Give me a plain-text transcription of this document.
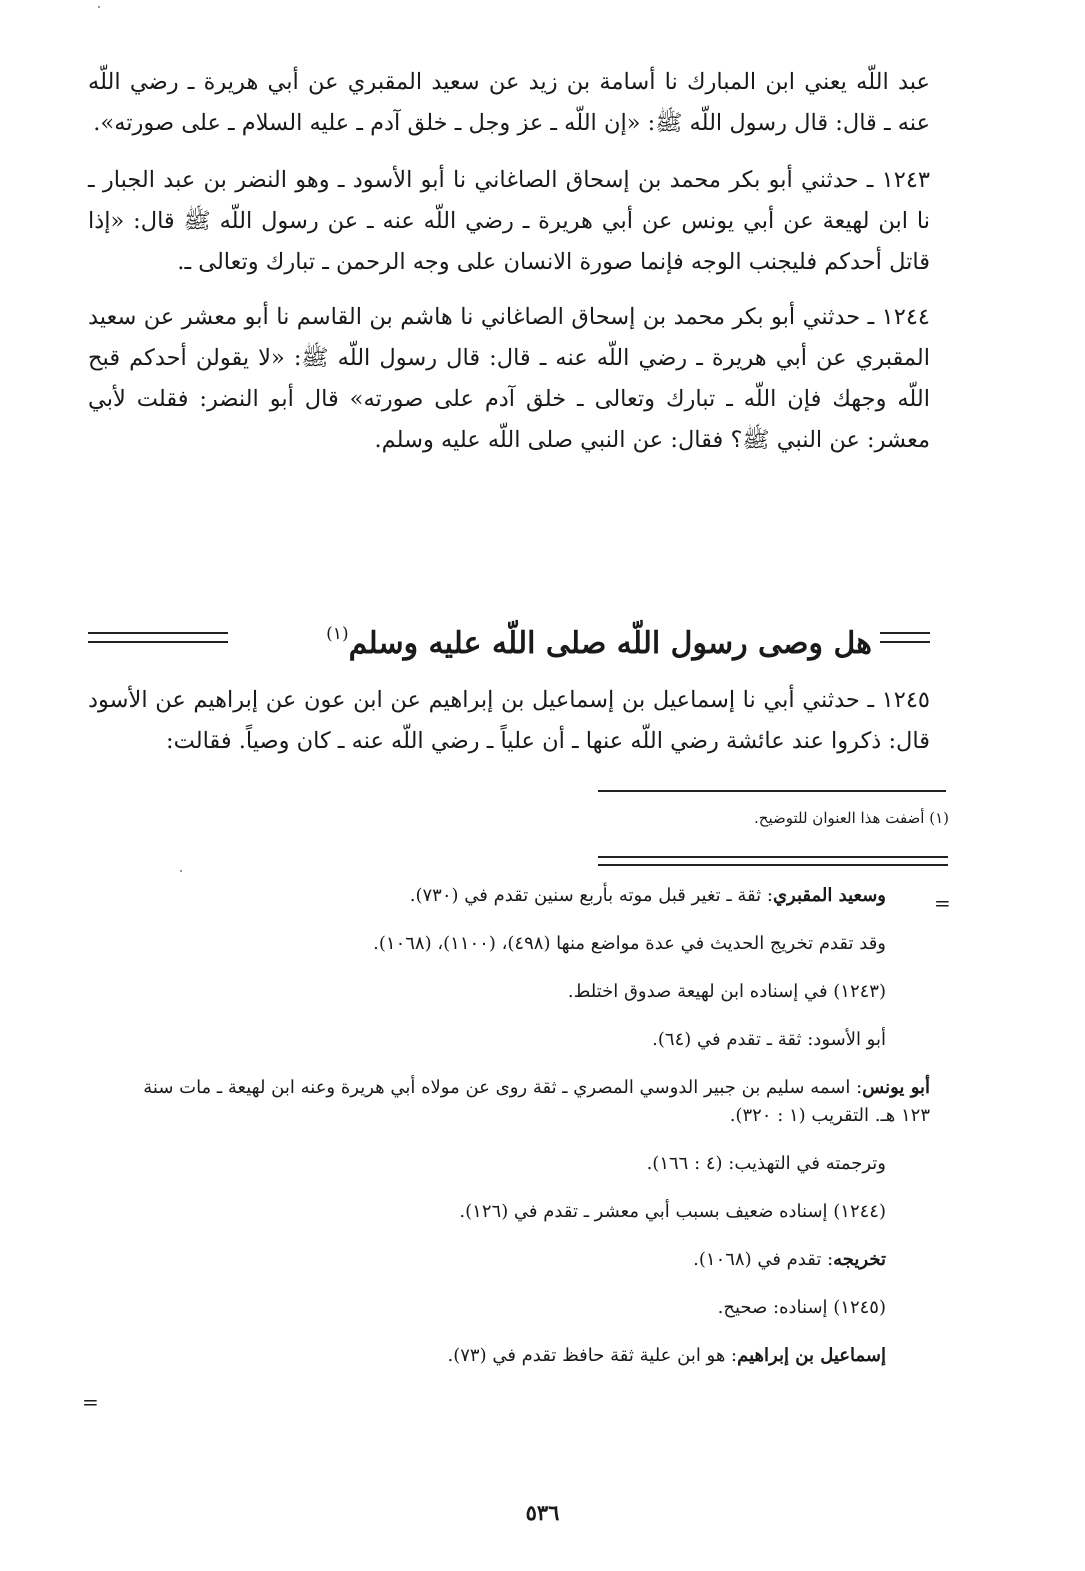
عبد اللّه يعني ابن المبارك نا أسامة بن زيد عن سعيد المقبري عن أبي هريرة ـ رضي اللّه عنه ـ قال: قال رسول اللّه ﷺ: «إن اللّه ـ عز وجل ـ خلق آدم ـ عليه السلام ـ على صورته».

١٢٤٣ ـ حدثني أبو بكر محمد بن إسحاق الصاغاني نا أبو الأسود ـ وهو النضر بن عبد الجبار ـ نا ابن لهيعة عن أبي يونس عن أبي هريرة ـ رضي اللّه عنه ـ عن رسول اللّه ﷺ قال: «إذا قاتل أحدكم فليجنب الوجه فإنما صورة الانسان على وجه الرحمن ـ تبارك وتعالى ـ.

١٢٤٤ ـ حدثني أبو بكر محمد بن إسحاق الصاغاني نا هاشم بن القاسم نا أبو معشر عن سعيد المقبري عن أبي هريرة ـ رضي اللّه عنه ـ قال: قال رسول اللّه ﷺ: «لا يقولن أحدكم قبح اللّه وجهك فإن اللّه ـ تبارك وتعالى ـ خلق آدم على صورته» قال أبو النضر: فقلت لأبي معشر: عن النبي ﷺ؟ فقال: عن النبي صلى اللّه عليه وسلم.

هل وصى رسول اللّه صلى اللّه عليه وسلم$^{(١)}$

١٢٤٥ ـ حدثني أبي نا إسماعيل بن إسماعيل بن إبراهيم عن ابن عون عن إبراهيم عن الأسود قال: ذكروا عند عائشة رضي اللّه عنها ـ أن علياً ـ رضي اللّه عنه ـ كان وصياً. فقالت:

(١) أضفت هذا العنوان للتوضيح.
=

وسعيد المقبري: ثقة ـ تغير قبل موته بأربع سنين تقدم في (٧٣٠).

وقد تقدم تخريج الحديث في عدة مواضع منها (٤٩٨)، (١١٠٠)، (١٠٦٨).

(١٢٤٣) في إسناده ابن لهيعة صدوق اختلط.

أبو الأسود: ثقة ـ تقدم في (٦٤).

أبو يونس: اسمه سليم بن جبير الدوسي المصري ـ ثقة روى عن مولاه أبي هريرة وعنه ابن لهيعة ـ مات سنة ١٢٣ هـ. التقريب (١ : ٣٢٠).

وترجمته في التهذيب: (٤ : ١٦٦).

(١٢٤٤) إسناده ضعيف بسبب أبي معشر ـ تقدم في (١٢٦).

تخريجه: تقدم في (١٠٦٨).

(١٢٤٥) إسناده: صحيح.

إسماعيل بن إبراهيم: هو ابن علية ثقة حافظ تقدم في (٧٣).

=
٥٣٦
